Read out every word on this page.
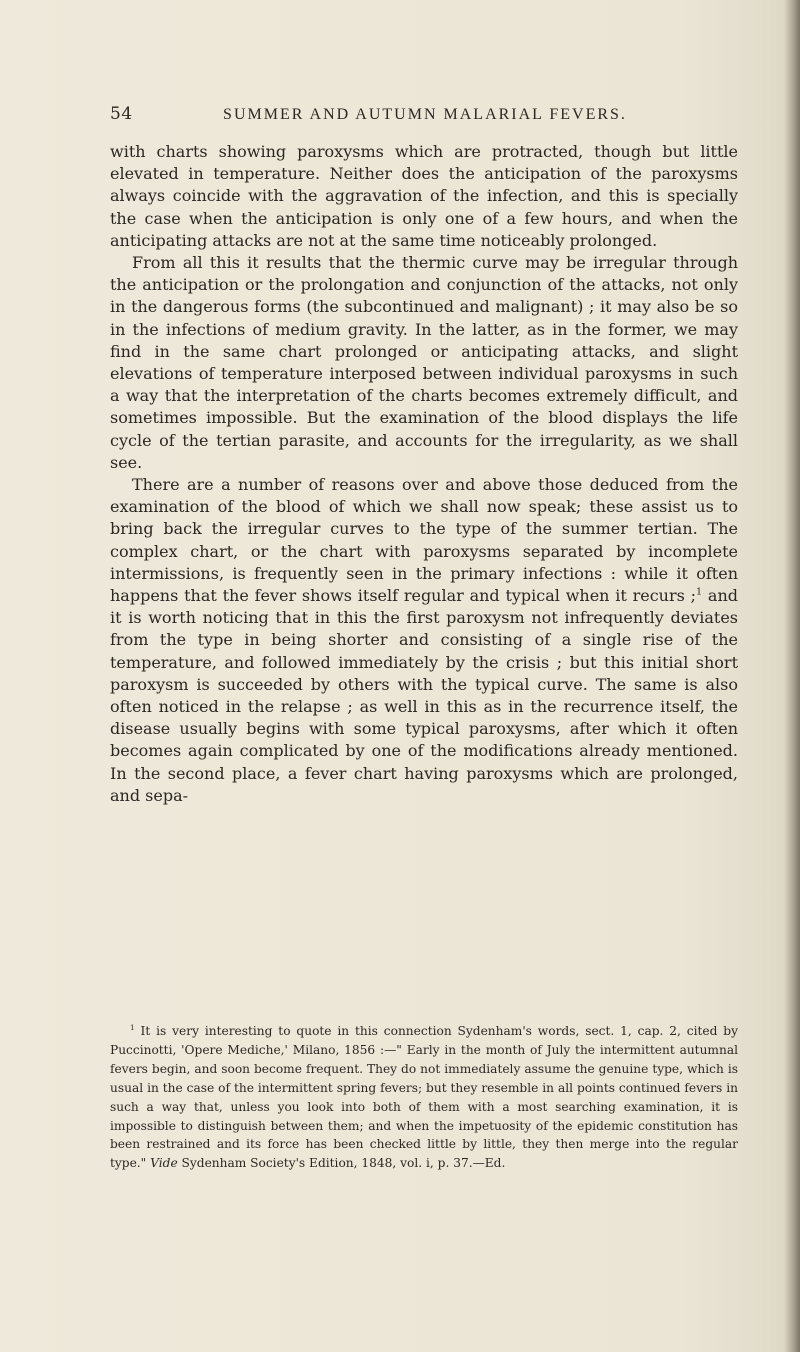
54	SUMMER AND AUTUMN MALARIAL FEVERS.

with charts showing paroxysms which are protracted, though but little elevated in temperature. Neither does the anticipation of the paroxysms always coincide with the aggravation of the infection, and this is specially the case when the anticipation is only one of a few hours, and when the anticipating attacks are not at the same time noticeably prolonged.

From all this it results that the thermic curve may be irregular through the anticipation or the prolongation and conjunction of the attacks, not only in the dangerous forms (the subcontinued and malignant) ; it may also be so in the infections of medium gravity. In the latter, as in the former, we may find in the same chart prolonged or anticipating attacks, and slight elevations of temperature interposed between individual paroxysms in such a way that the interpretation of the charts becomes extremely difficult, and sometimes impossible. But the examination of the blood displays the life cycle of the tertian parasite, and accounts for the irregularity, as we shall see.

There are a number of reasons over and above those deduced from the examination of the blood of which we shall now speak; these assist us to bring back the irregular curves to the type of the summer tertian. The complex chart, or the chart with paroxysms separated by incomplete intermissions, is frequently seen in the primary infections : while it often happens that the fever shows itself regular and typical when it recurs ;$^1$ and it is worth noticing that in this the first paroxysm not infrequently deviates from the type in being shorter and consisting of a single rise of the temperature, and followed immediately by the crisis ; but this initial short paroxysm is succeeded by others with the typical curve. The same is also often noticed in the relapse ; as well in this as in the recurrence itself, the disease usually begins with some typical paroxysms, after which it often becomes again complicated by one of the modifications already mentioned. In the second place, a fever chart having paroxysms which are prolonged, and sepa-

$^1$ It is very interesting to quote in this connection Sydenham's words, sect. 1, cap. 2, cited by Puccinotti, 'Opere Mediche,' Milano, 1856 :—" Early in the month of July the intermittent autumnal fevers begin, and soon become frequent. They do not immediately assume the genuine type, which is usual in the case of the intermittent spring fevers; but they resemble in all points continued fevers in such a way that, unless you look into both of them with a most searching examination, it is impossible to distinguish between them; and when the impetuosity of the epidemic constitution has been restrained and its force has been checked little by little, they then merge into the regular type." Vide Sydenham Society's Edition, 1848, vol. i, p. 37.—Ed.
